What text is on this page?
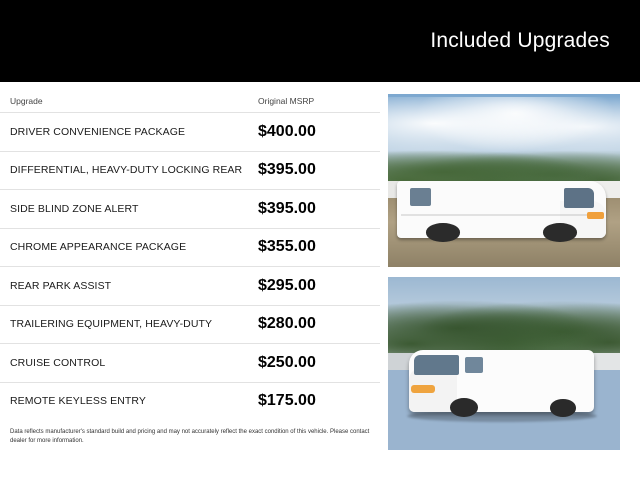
Included Upgrades
Upgrade	Original MSRP
DRIVER CONVENIENCE PACKAGE	$400.00
DIFFERENTIAL, HEAVY-DUTY LOCKING REAR $395.00
SIDE BLIND ZONE ALERT	$395.00
CHROME APPEARANCE PACKAGE	$355.00
REAR PARK ASSIST	$295.00
TRAILERING EQUIPMENT, HEAVY-DUTY	$280.00
CRUISE CONTROL	$250.00
REMOTE KEYLESS ENTRY	$175.00
Data reflects manufacturer's standard build and pricing and may not accurately reflect the exact condition of this vehicle. Please contact dealer for more information.
